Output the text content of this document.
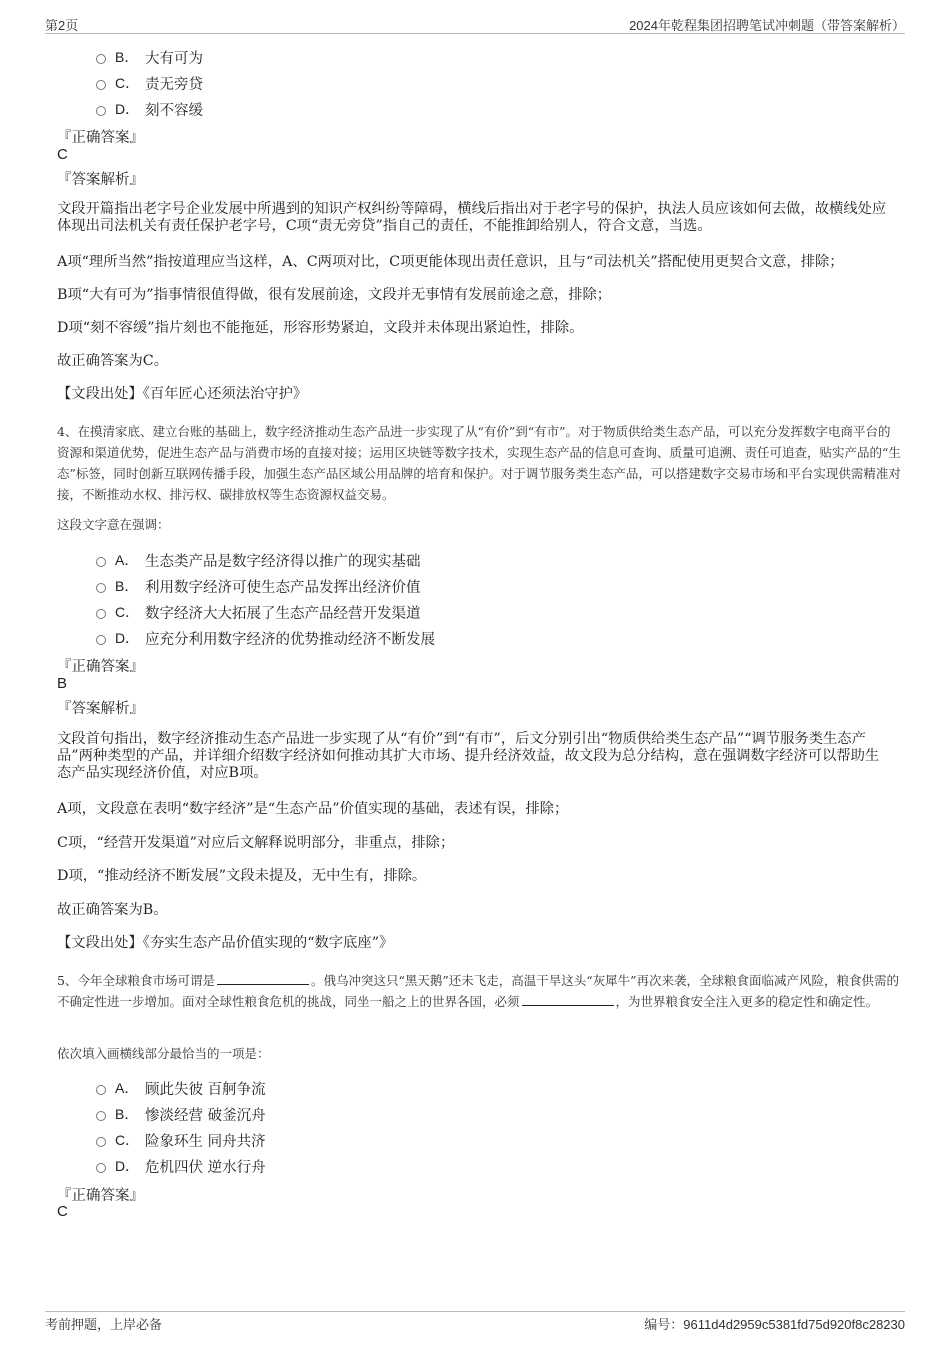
第2页	2024年乾程集团招聘笔试冲刺题（带答案解析）
B． 大有可为
C． 责无旁贷
D． 刻不容缓
『正确答案』
C
『答案解析』
文段开篇指出老字号企业发展中所遇到的知识产权纠纷等障碍，横线后指出对于老字号的保护，执法人员应该如何去做，故横线处应体现出司法机关有责任保护老字号，C项“责无旁贷”指自己的责任，不能推卸给别人，符合文意，当选。
A项“理所当然”指按道理应当这样，A、C两项对比，C项更能体现出责任意识，且与“司法机关”搭配使用更契合文意，排除；
B项“大有可为”指事情很值得做，很有发展前途，文段并无事情有发展前途之意，排除；
D项“刻不容缓”指片刻也不能拖延，形容形势紧迫，文段并未体现出紧迫性，排除。
故正确答案为C。
【文段出处】《百年匠心还须法治守护》
4、在摸清家底、建立台账的基础上，数字经济推动生态产品进一步实现了从“有价”到“有市”。对于物质供给类生态产品，可以充分发挥数字电商平台的资源和渠道优势，促进生态产品与消费市场的直接对接；运用区块链等数字技术，实现生态产品的信息可查询、质量可追溯、责任可追查，贴实产品的“生态”标签，同时创新互联网传播手段，加强生态产品区域公用品牌的培育和保护。对于调节服务类生态产品，可以搭建数字交易市场和平台实现供需精准对接，不断推动水权、排污权、碳排放权等生态资源权益交易。
这段文字意在强调：
A． 生态类产品是数字经济得以推广的现实基础
B． 利用数字经济可使生态产品发挥出经济价值
C． 数字经济大大拓展了生态产品经营开发渠道
D． 应充分利用数字经济的优势推动经济不断发展
『正确答案』
B
『答案解析』
文段首句指出，数字经济推动生态产品进一步实现了从“有价”到“有市”，后文分别引出“物质供给类生态产品”“调节服务类生态产品”两种类型的产品，并详细介绍数字经济如何推动其扩大市场、提升经济效益，故文段为总分结构，意在强调数字经济可以帮助生态产品实现经济价值，对应B项。
A项，文段意在表明“数字经济”是“生态产品”价值实现的基础，表述有误，排除；
C项，“经营开发渠道”对应后文解释说明部分，非重点，排除；
D项，“推动经济不断发展”文段未提及，无中生有，排除。
故正确答案为B。
【文段出处】《夯实生态产品价值实现的“数字底座”》
5、今年全球粮食市场可谓是	。俄乌冲突这只“黑天鹅”还未飞走，高温干旱这头“灰犀牛”再次来袭，全球粮食面临减产风险，粮食供需的不确定性进一步增加。面对全球性粮食危机的挑战，同坐一船之上的世界各国，必须	，为世界粮食安全注入更多的稳定性和确定性。
依次填入画横线部分最恰当的一项是：
A． 顾此失彼 百舸争流
B． 惨淡经营 破釜沉舟
C． 险象环生 同舟共济
D． 危机四伏 逆水行舟
『正确答案』
C
考前押题，上岸必备	编号：9611d4d2959c5381fd75d920f8c28230
